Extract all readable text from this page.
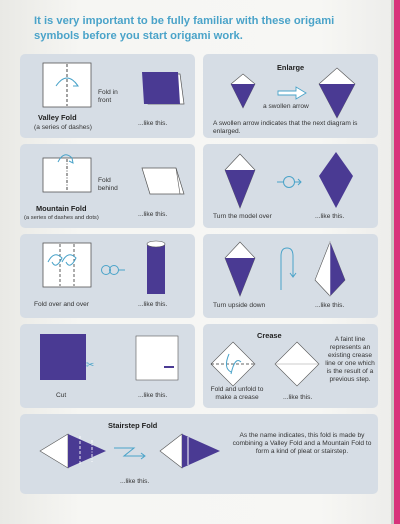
It is very important to be fully familiar with these origami symbols before you start origami work.

Fold in front
Valley Fold
(a series of dashes)
...like this.
Enlarge
a swollen arrow
A swollen arrow indicates that the next diagram is enlarged.
Fold behind
Mountain Fold
(a series of dashes and dots)	...like this.	Turn the model over	...like this.
Fold over and over	...like this.	Turn upside down	...like this.
✂
Cut	...like this.
Crease
Fold and unfold to make a crease	...like this.
A faint line represents an existing crease line or one which is the result of a previous step.
Stairstep Fold
...like this.
As the name indicates, this fold is made by combining a Valley Fold and a Mountain Fold to form a kind of pleat or stairstep.
